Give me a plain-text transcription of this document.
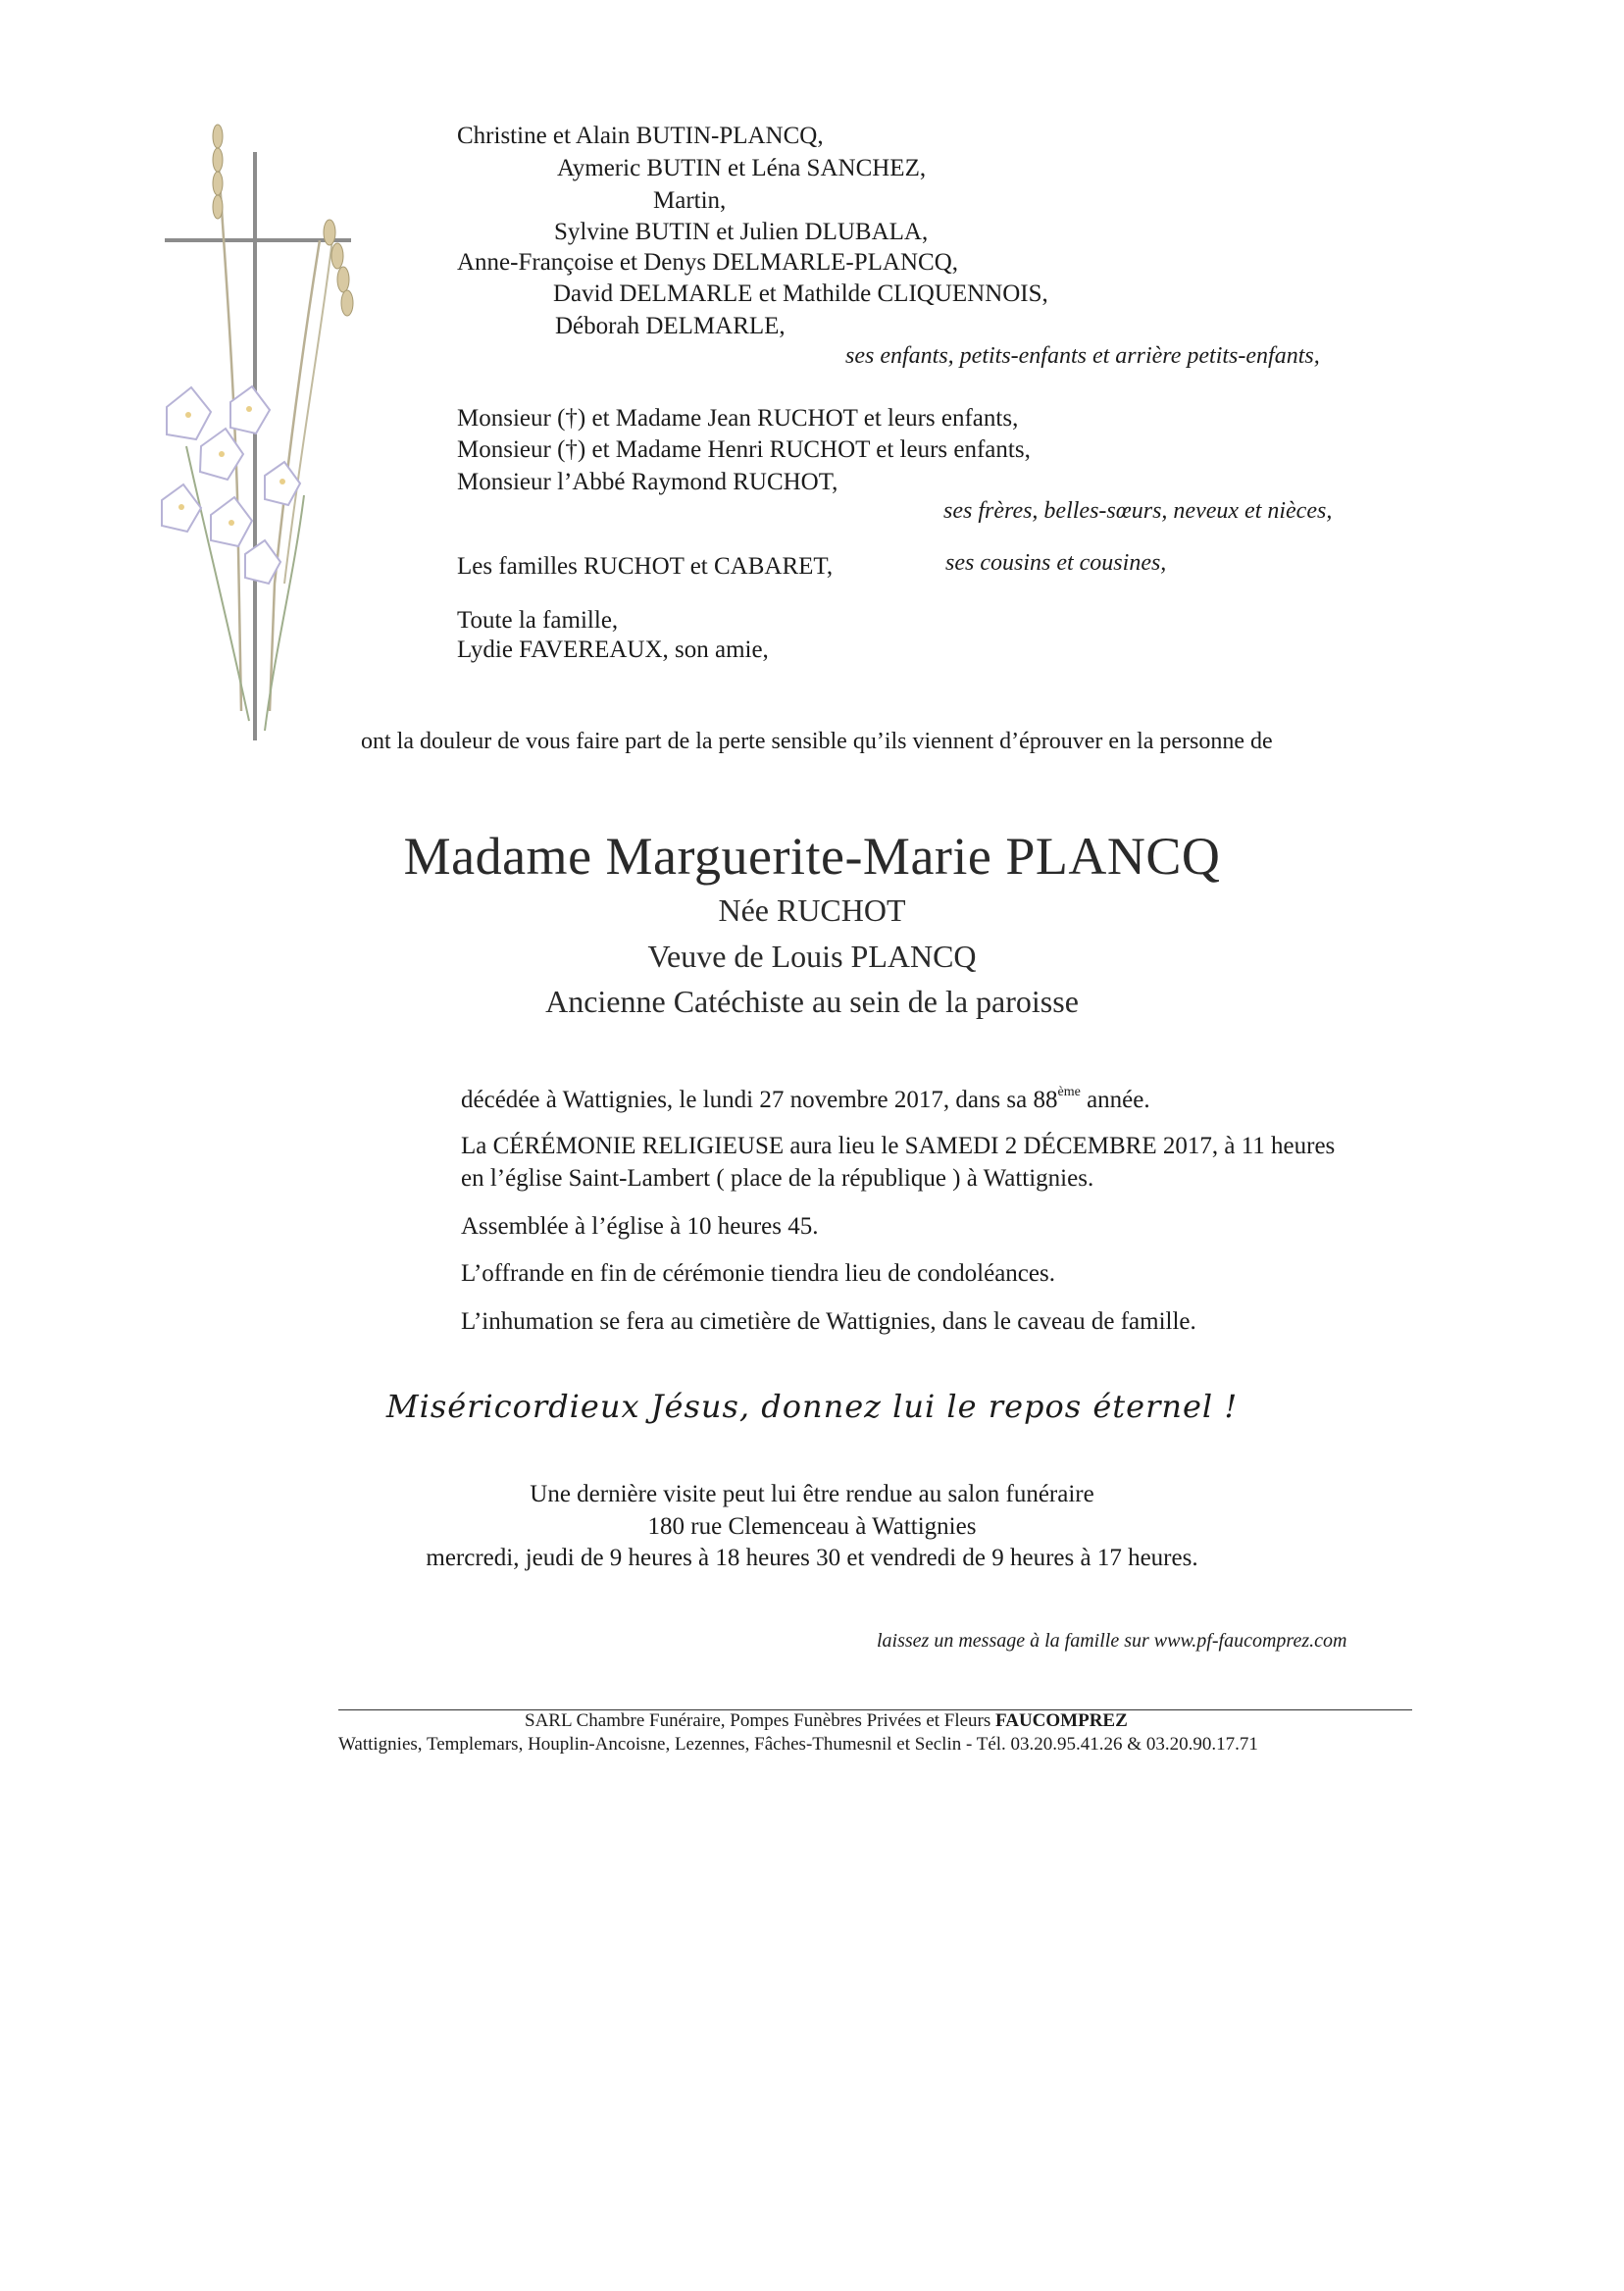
Christine et Alain BUTIN-PLANCQ,
Aymeric BUTIN et Léna SANCHEZ,
Martin,
Sylvine BUTIN et Julien DLUBALA,
Anne-Françoise et Denys DELMARLE-PLANCQ,
David DELMARLE et Mathilde CLIQUENNOIS,
Déborah DELMARLE,
ses enfants, petits-enfants et arrière petits-enfants,
Monsieur (†) et Madame Jean RUCHOT et leurs enfants,
Monsieur (†) et Madame Henri RUCHOT et leurs enfants,
Monsieur l’Abbé Raymond RUCHOT,
ses frères, belles-sœurs, neveux et nièces,
Les familles RUCHOT et CABARET,	ses cousins et cousines,
Toute la famille,
Lydie FAVEREAUX, son amie,
ont la douleur de vous faire part de la perte sensible qu’ils viennent d’éprouver en la personne de
Madame Marguerite-Marie PLANCQ
Née RUCHOT
Veuve de Louis PLANCQ
Ancienne Catéchiste au sein de la paroisse
décédée à Wattignies, le lundi 27 novembre 2017, dans sa 88ème année.
La CÉRÉMONIE RELIGIEUSE aura lieu le SAMEDI 2 DÉCEMBRE 2017, à 11 heures
en l’église Saint-Lambert ( place de la république ) à Wattignies.
Assemblée à l’église à 10 heures 45.
L’offrande en fin de cérémonie tiendra lieu de condoléances.
L’inhumation se fera au cimetière de Wattignies, dans le caveau de famille.
Miséricordieux Jésus, donnez lui le repos éternel !
Une dernière visite peut lui être rendue au salon funéraire
180 rue Clemenceau à Wattignies
mercredi, jeudi de 9 heures à 18 heures 30 et vendredi de 9 heures à 17 heures.
laissez un message à la famille sur www.pf-faucomprez.com
SARL Chambre Funéraire, Pompes Funèbres Privées et Fleurs FAUCOMPREZ
Wattignies, Templemars, Houplin-Ancoisne, Lezennes, Fâches-Thumesnil et Seclin - Tél. 03.20.95.41.26 & 03.20.90.17.71
